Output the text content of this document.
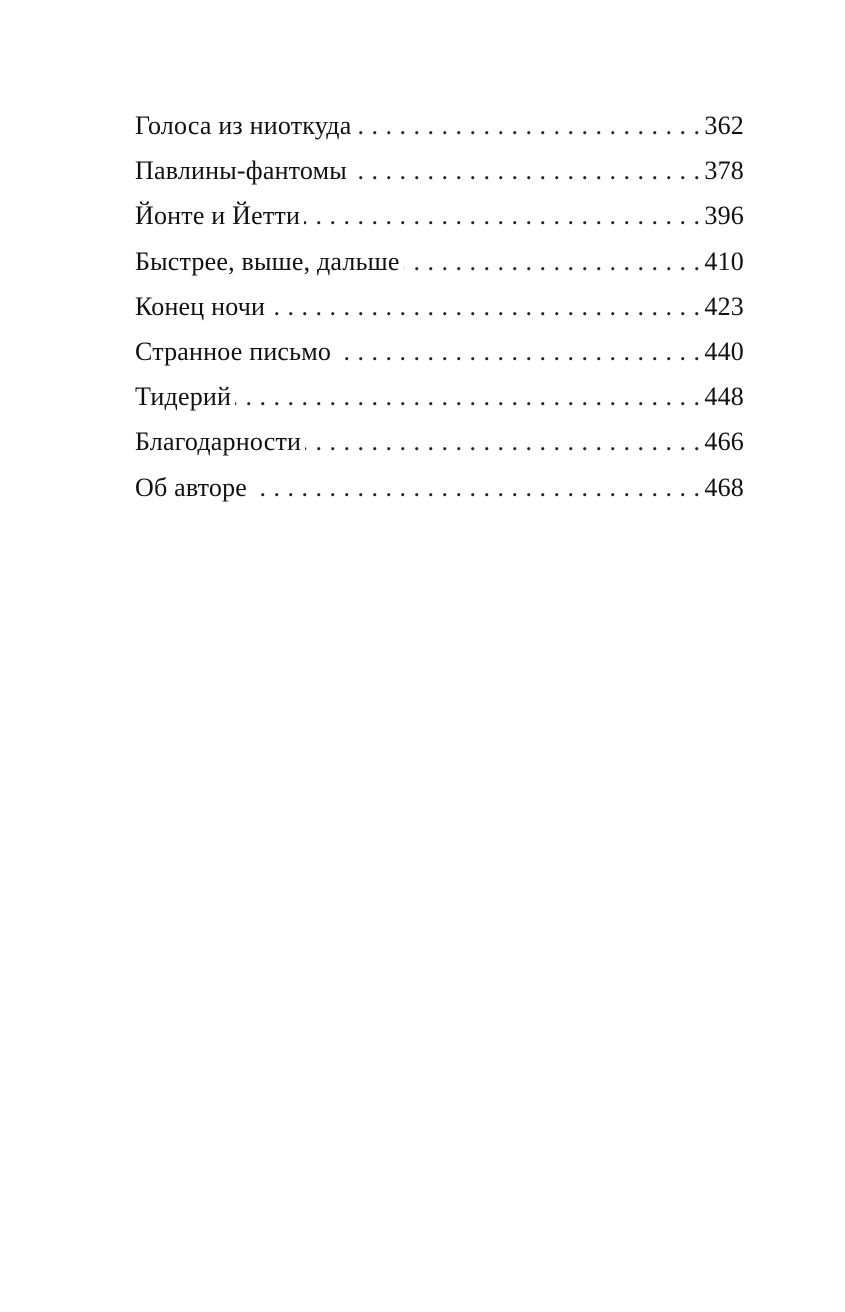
Голоса из ниоткуда . . .	362
Павлины-фантомы . . .	378
Йонте и Йетти . . .	396
Быстрее, выше, дальше . . .	410
Конец ночи . . .	423
Странное письмо . . .	440
Тидерий . . .	448
Благодарности . . .	466
Об авторе . . .	468
